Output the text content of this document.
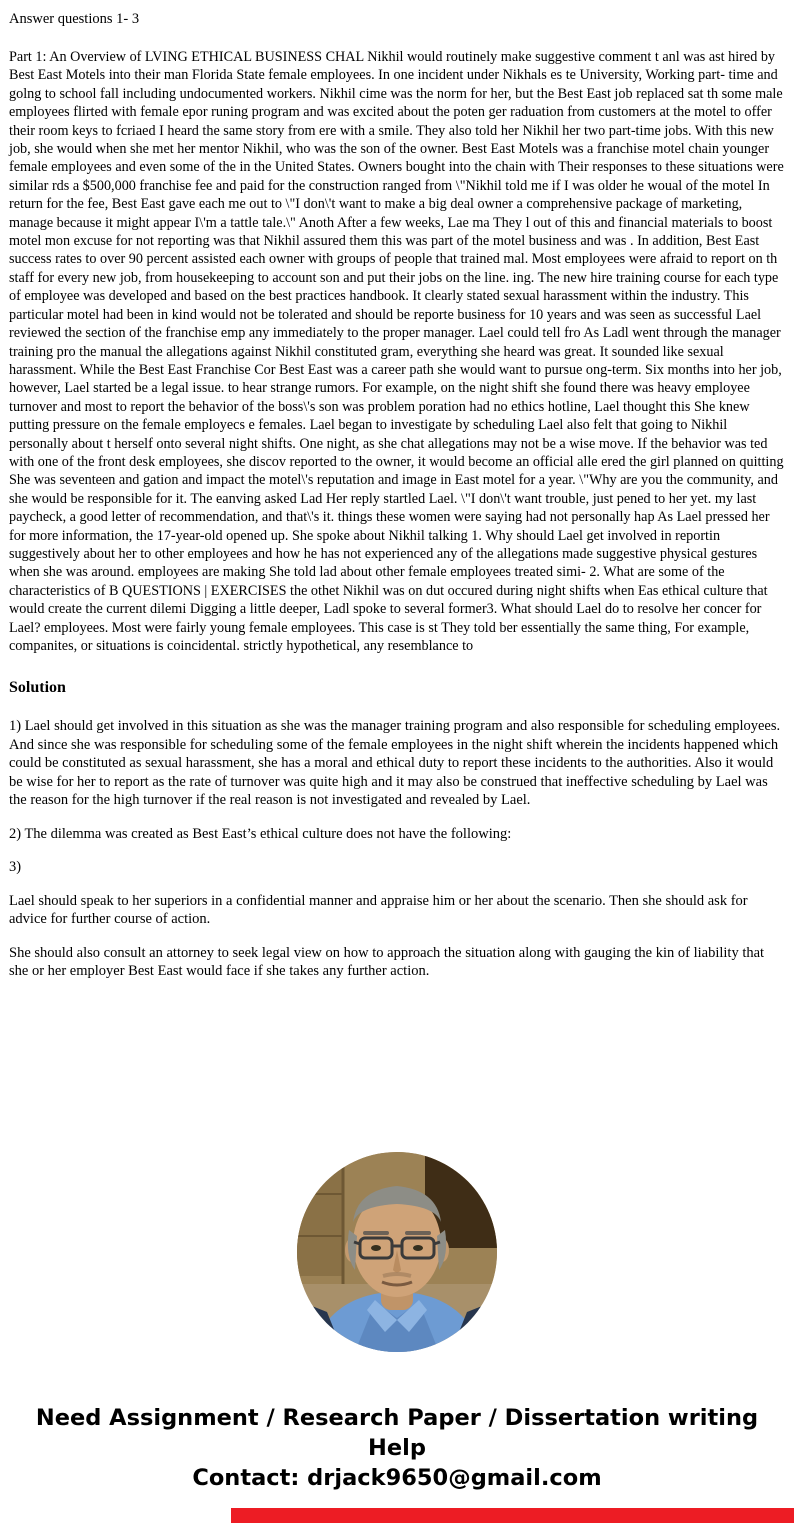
Answer questions 1- 3

Part 1: An Overview of LVING ETHICAL BUSINESS CHAL Nikhil would routinely make suggestive comment t anl was ast hired by Best East Motels into their man Florida State female employees. In one incident under Nikhals es te University, Working part- time and golng to school fall including undocumented workers. Nikhil cime was the norm for her, but the Best East job replaced sat th some male employees flirted with female epor runing program and was excited about the poten ger raduation from customers at the motel to offer their room keys to fcriaed I heard the same story from ere with a smile. They also told her Nikhil her two part-time jobs. With this new job, she would when she met her mentor Nikhil, who was the son of the owner. Best East Motels was a franchise motel chain younger female employees and even some of the in the United States. Owners bought into the chain with Their responses to these situations were similar rds a $500,000 franchise fee and paid for the construction ranged from \"Nikhil told me if I was older he woual of the motel In return for the fee, Best East gave each me out to \"I don\'t want to make a big deal owner a comprehensive package of marketing, manage because it might appear I\'m a tattle tale.\" Anoth After a few weeks, Lae ma They l out of this and financial materials to boost motel mon excuse for not reporting was that Nikhil assured them this was part of the motel business and was . In addition, Best East success rates to over 90 percent assisted each owner with groups of people that trained mal. Most employees were afraid to report on th staff for every new job, from housekeeping to account son and put their jobs on the line. ing. The new hire training course for each type of employee was developed and based on the best practices handbook. It clearly stated sexual harassment within the industry. This particular motel had been in kind would not be tolerated and should be reporte business for 10 years and was seen as successful Lael reviewed the section of the franchise emp any immediately to the proper manager. Lael could tell fro As Ladl went through the manager training pro the manual the allegations against Nikhil constituted gram, everything she heard was great. It sounded like sexual harassment. While the Best East Franchise Cor Best East was a career path she would want to pursue ong-term. Six months into her job, however, Lael started be a legal issue. to hear strange rumors. For example, on the night shift she found there was heavy employee turnover and most to report the behavior of the boss\'s son was problem poration had no ethics hotline, Lael thought this She knew putting pressure on the female employecs e females. Lael began to investigate by scheduling Lael also felt that going to Nikhil personally about t herself onto several night shifts. One night, as she chat allegations may not be a wise move. If the behavior was ted with one of the front desk employees, she discov reported to the owner, it would become an official alle ered the girl planned on quitting She was seventeen and gation and impact the motel\'s reputation and image in East motel for a year. \"Why are you the community, and she would be responsible for it. The eanving asked Lad Her reply startled Lael. \"I don\'t want trouble, just pened to her yet. my last paycheck, a good letter of recommendation, and that\'s it. things these women were saying had not personally hap As Lael pressed her for more information, the 17-year-old opened up. She spoke about Nikhil talking 1. Why should Lael get involved in reportin suggestively about her to other employees and how he has not experienced any of the allegations made suggestive physical gestures when she was around. employees are making She told lad about other female employees treated simi- 2. What are some of the characteristics of B QUESTIONS | EXERCISES the othet Nikhil was on dut occured during night shifts when Eas ethical culture that would create the current dilemi Digging a little deeper, Ladl spoke to several former3. What should Lael do to resolve her concer for Lael? employees. Most were fairly young female employees. This case is st They told ber essentially the same thing, For example, companites, or situations is coincidental. strictly hypothetical, any resemblance to

Solution

1) Lael should get involved in this situation as she was the manager training program and also responsible for scheduling employees. And since she was responsible for scheduling some of the female employees in the night shift wherein the incidents happened which could be constituted as sexual harassment, she has a moral and ethical duty to report these incidents to the authorities. Also it would be wise for her to report as the rate of turnover was quite high and it may also be construed that ineffective scheduling by Lael was the reason for the high turnover if the real reason is not investigated and revealed by Lael.

2) The dilemma was created as Best East’s ethical culture does not have the following:

3)

Lael should speak to her superiors in a confidential manner and appraise him or her about the scenario. Then she should ask for advice for further course of action.

She should also consult an attorney to seek legal view on how to approach the situation along with gauging the kin of liability that she or her employer Best East would face if she takes any further action.

Need Assignment / Research Paper / Dissertation writing Help
Contact: drjack9650@gmail.com
